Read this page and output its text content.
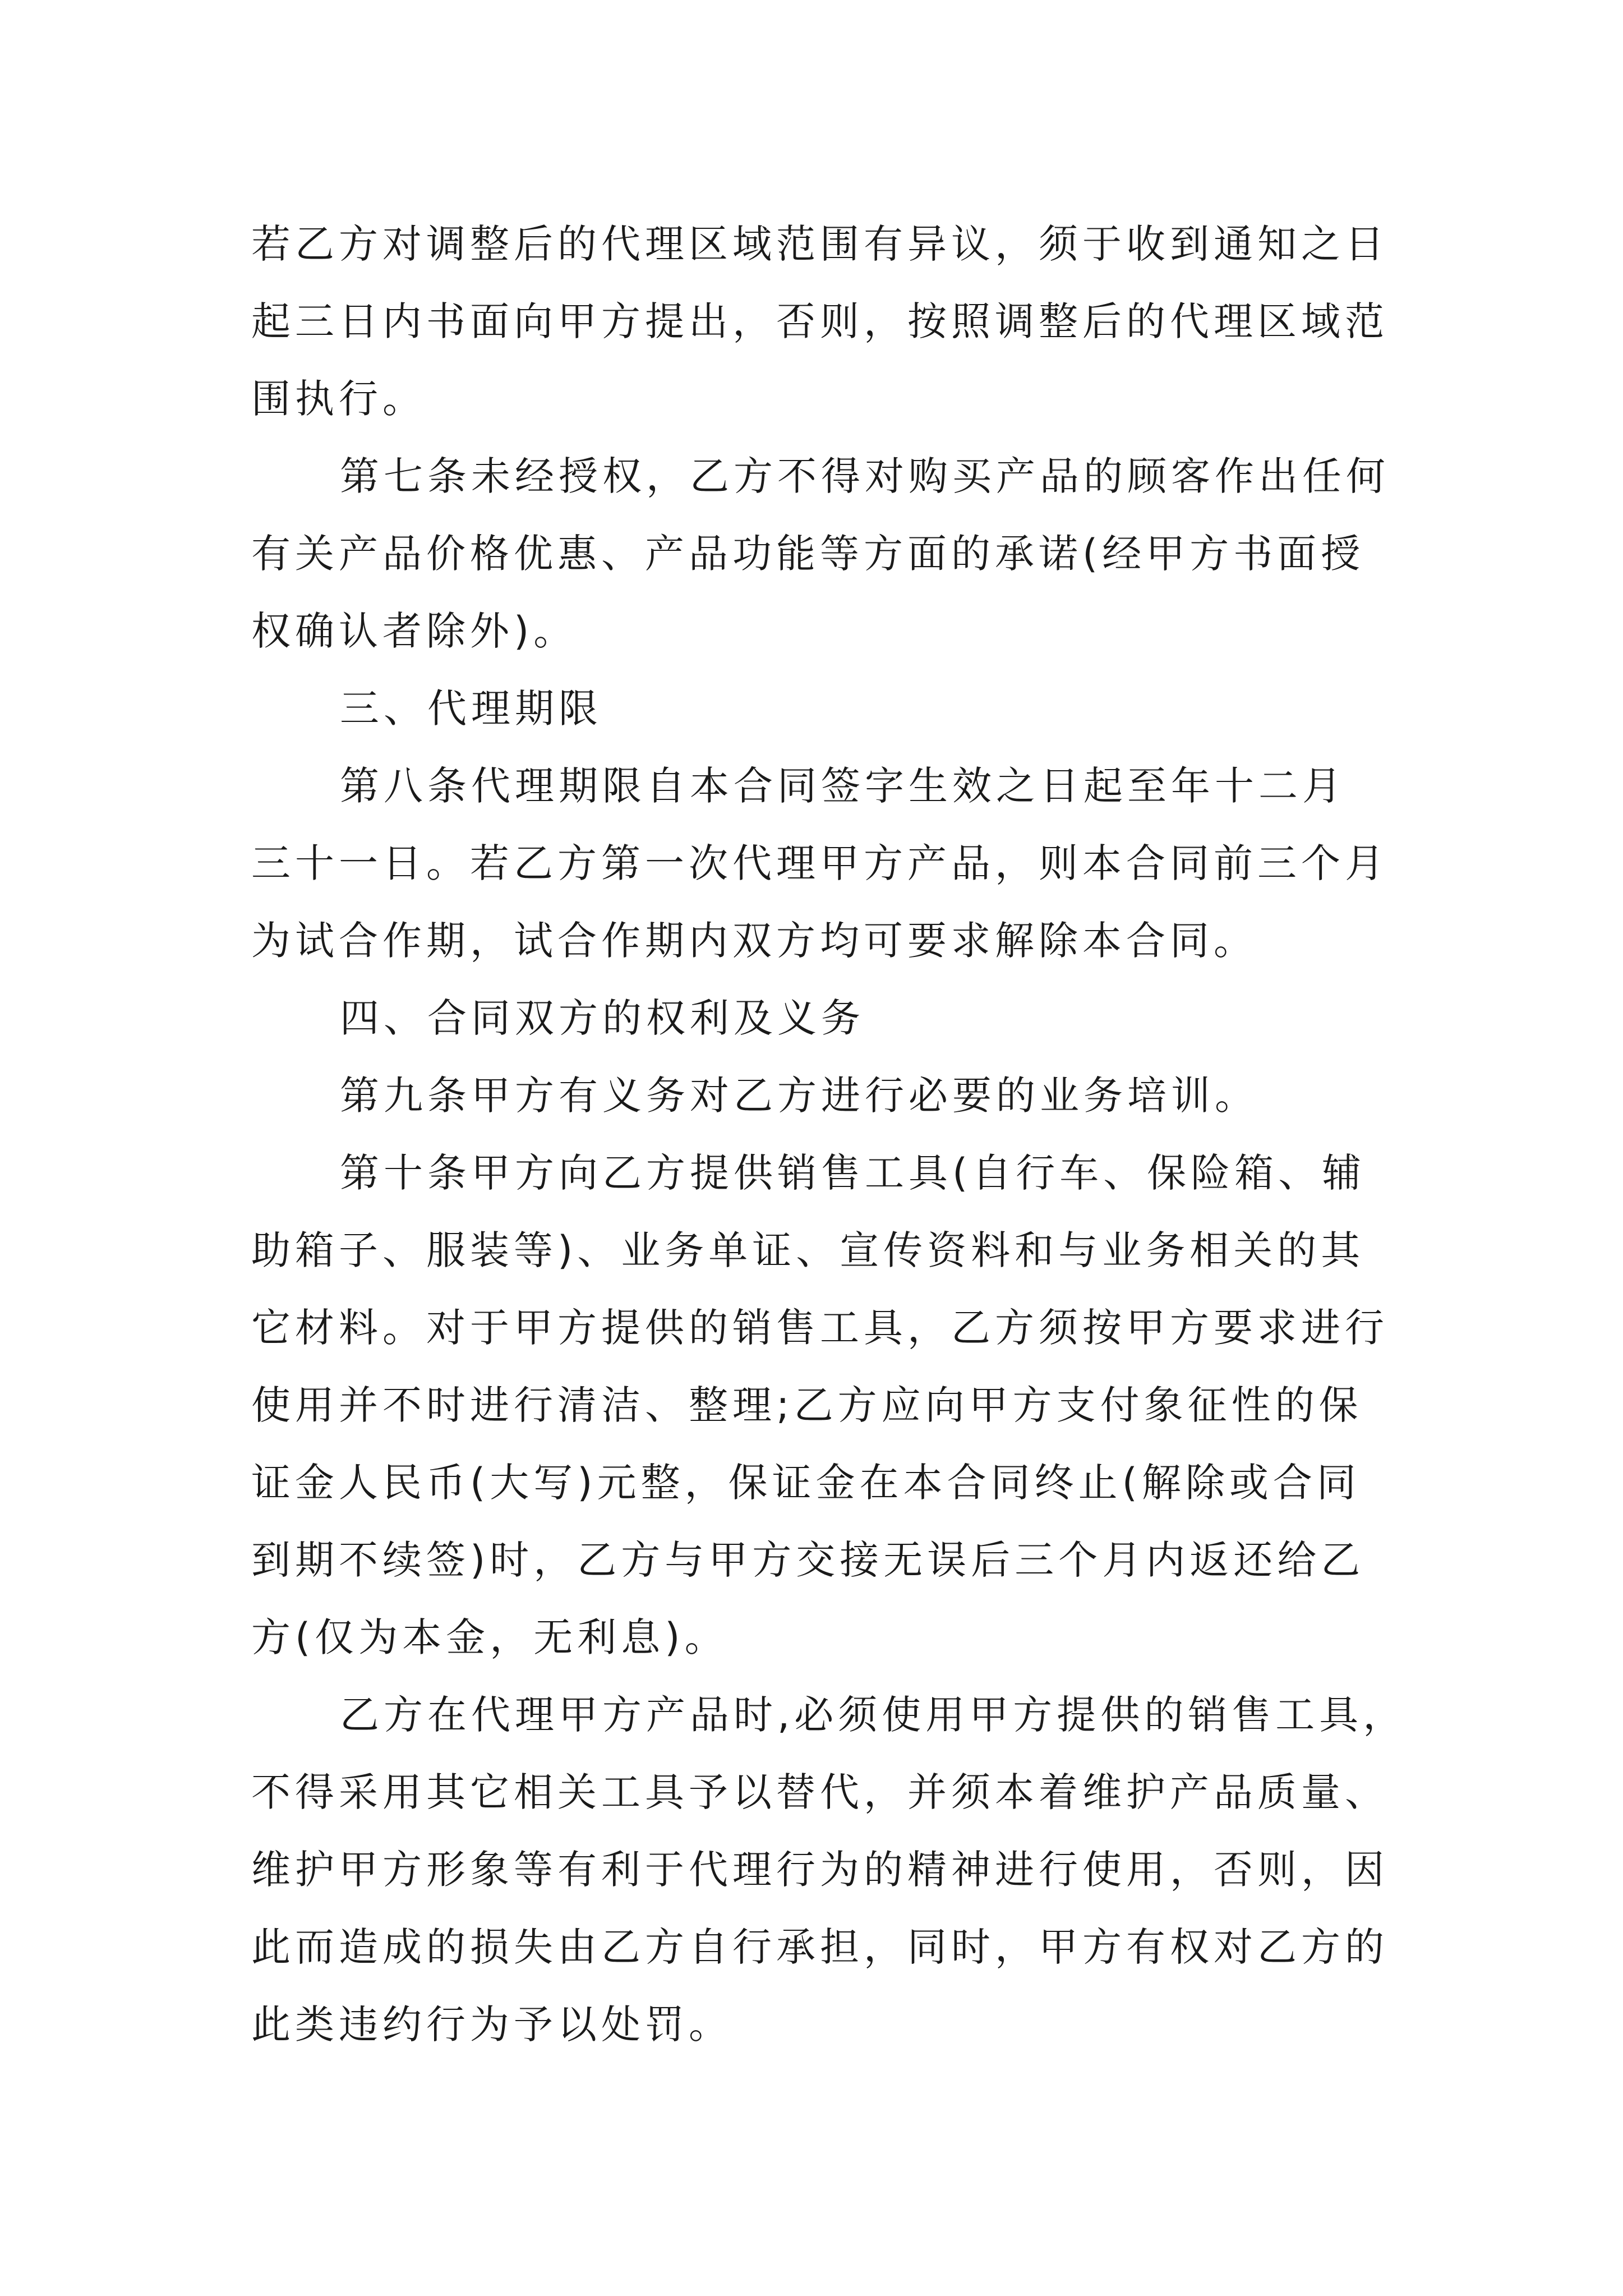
若乙方对调整后的代理区域范围有异议，须于收到通知之日
起三日内书面向甲方提出，否则，按照调整后的代理区域范
围执行。
第七条未经授权，乙方不得对购买产品的顾客作出任何
有关产品价格优惠、产品功能等方面的承诺(经甲方书面授
权确认者除外)。
三、代理期限
第八条代理期限自本合同签字生效之日起至年十二月
三十一日。若乙方第一次代理甲方产品，则本合同前三个月
为试合作期，试合作期内双方均可要求解除本合同。
四、合同双方的权利及义务
第九条甲方有义务对乙方进行必要的业务培训。
第十条甲方向乙方提供销售工具(自行车、保险箱、辅
助箱子、服装等)、业务单证、宣传资料和与业务相关的其
它材料。对于甲方提供的销售工具，乙方须按甲方要求进行
使用并不时进行清洁、整理;乙方应向甲方支付象征性的保
证金人民币(大写)元整，保证金在本合同终止(解除或合同
到期不续签)时，乙方与甲方交接无误后三个月内返还给乙
方(仅为本金，无利息)。
乙方在代理甲方产品时,必须使用甲方提供的销售工具，
不得采用其它相关工具予以替代，并须本着维护产品质量、
维护甲方形象等有利于代理行为的精神进行使用，否则，因
此而造成的损失由乙方自行承担，同时，甲方有权对乙方的
此类违约行为予以处罚。
